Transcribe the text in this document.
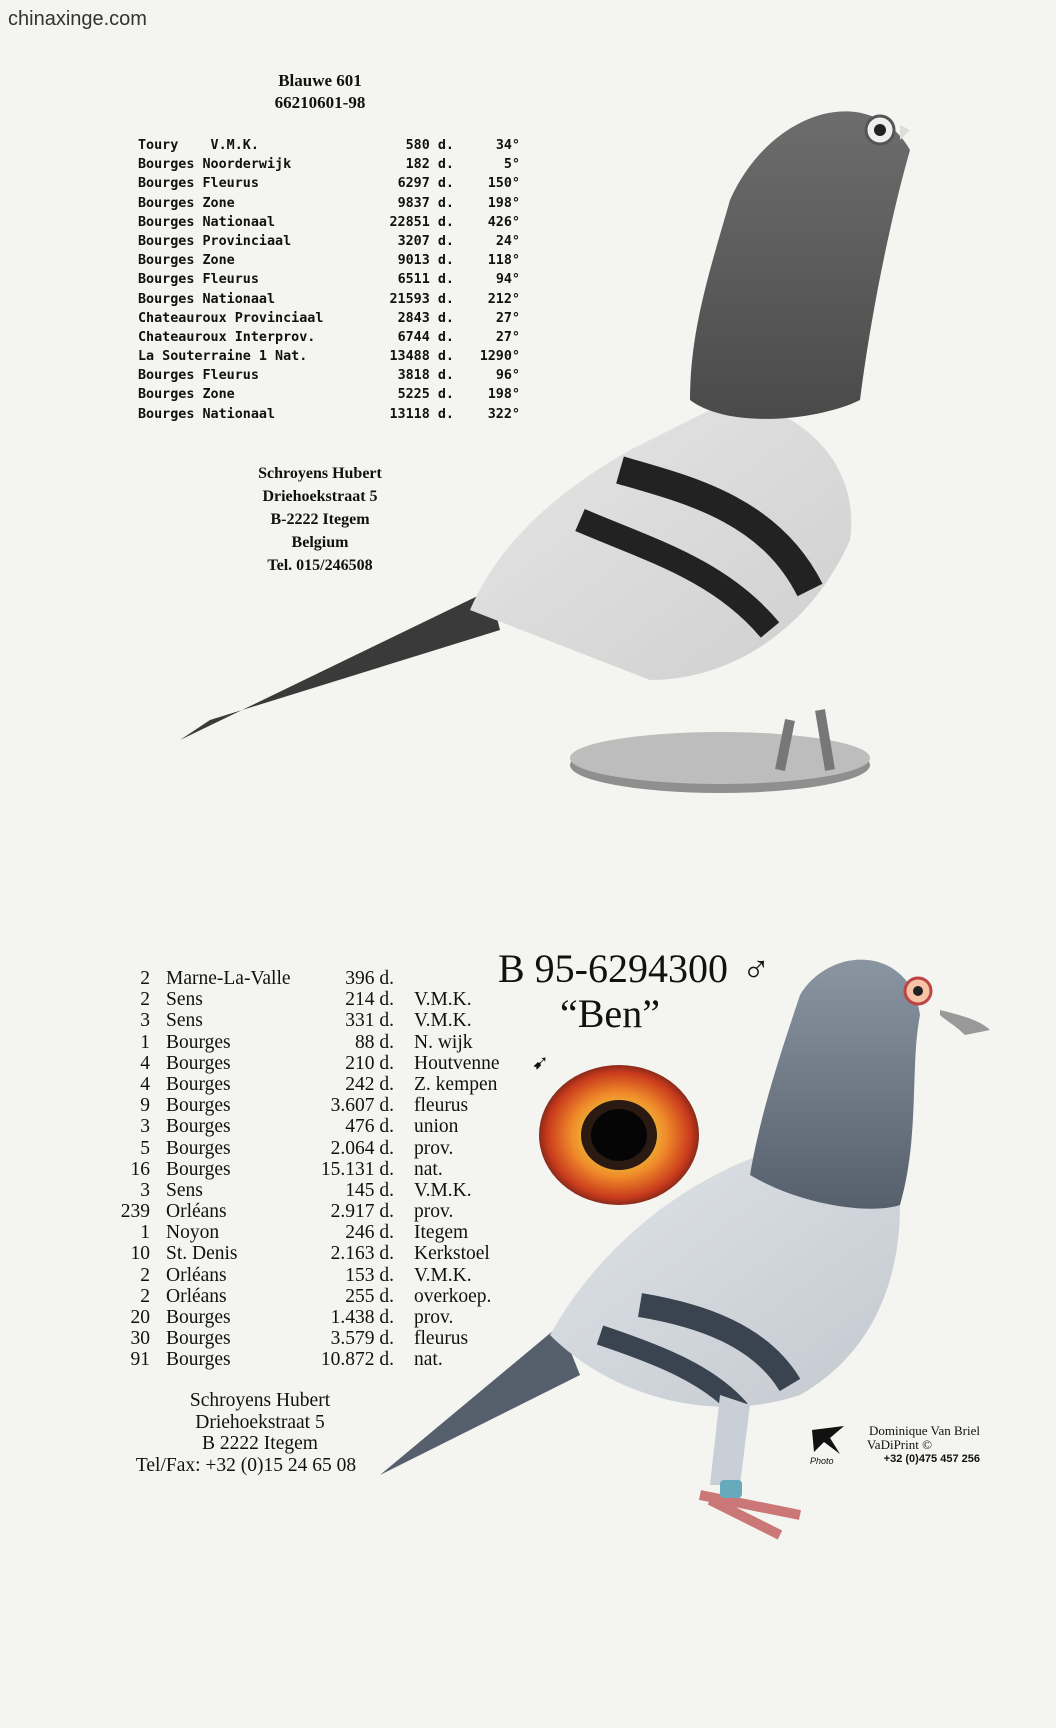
chinaxinge.com
Blauwe 601
66210601-98
Toury    V.M.K.	580 d.	34°
Bourges Noorderwijk	182 d.	5°
Bourges Fleurus	6297 d.	150°
Bourges Zone	9837 d.	198°
Bourges Nationaal	22851 d.	426°
Bourges Provinciaal	3207 d.	24°
Bourges Zone	9013 d.	118°
Bourges Fleurus	6511 d.	94°
Bourges Nationaal	21593 d.	212°
Chateauroux Provinciaal	2843 d.	27°
Chateauroux Interprov.	6744 d.	27°
La Souterraine 1 Nat.	13488 d.	1290°
Bourges Fleurus	3818 d.	96°
Bourges Zone	5225 d.	198°
Bourges Nationaal	13118 d.	322°
Schroyens Hubert
Driehoekstraat 5
B-2222 Itegem
Belgium
Tel. 015/246508
B 95-6294300 ♂
“Ben”
➹
2 Marne-La-Valle	396 d.
2 Sens	214 d.	V.M.K.
3 Sens	331 d.	V.M.K.
1 Bourges	88 d.	N. wijk
4 Bourges	210 d.	Houtvenne
4 Bourges	242 d.	Z. kempen
9 Bourges	3.607 d.	fleurus
3 Bourges	476 d.	union
5 Bourges	2.064 d.	prov.
16 Bourges	15.131 d.	nat.
3 Sens	145 d.	V.M.K.
239 Orléans	2.917 d.	prov.
1 Noyon	246 d.	Itegem
10 St. Denis	2.163 d.	Kerkstoel
2 Orléans	153 d.	V.M.K.
2 Orléans	255 d.	overkoep.
20 Bourges	1.438 d.	prov.
30 Bourges	3.579 d.	fleurus
91 Bourges	10.872 d.	nat.
Schroyens Hubert
Driehoekstraat 5
B 2222 Itegem
Tel/Fax: +32 (0)15 24 65 08	Photo
Dominique Van Briel
VaDiPrint ©
+32 (0)475 457 256
